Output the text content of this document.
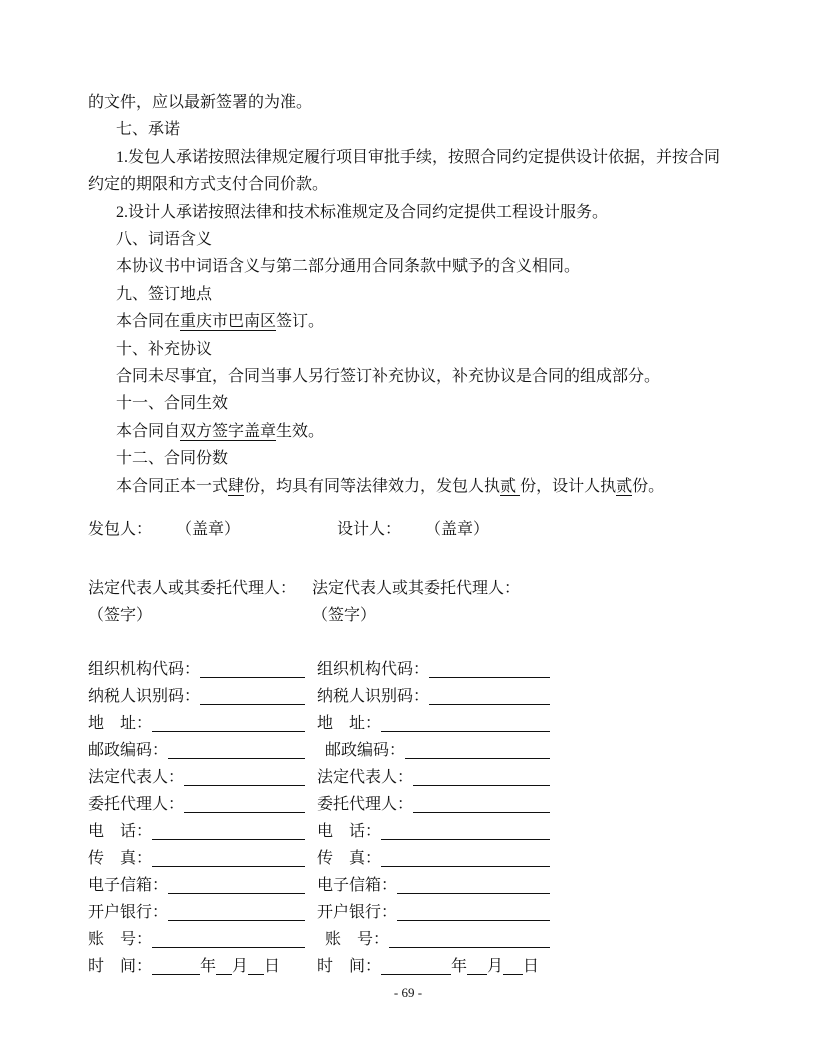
的文件，应以最新签署的为准。
七、承诺
1.发包人承诺按照法律规定履行项目审批手续，按照合同约定提供设计依据，并按合同约定的期限和方式支付合同价款。
2.设计人承诺按照法律和技术标准规定及合同约定提供工程设计服务。
八、词语含义
本协议书中词语含义与第二部分通用合同条款中赋予的含义相同。
九、签订地点
本合同在重庆市巴南区签订。
十、补充协议
合同未尽事宜，合同当事人另行签订补充协议，补充协议是合同的组成部分。
十一、合同生效
本合同自双方签字盖章生效。
十二、合同份数
本合同正本一式肆份，均具有同等法律效力，发包人执贰 份，设计人执贰份。
发包人： （盖章）	设计人： （盖章）
法定代表人或其委托代理人： 法定代表人或其委托代理人：
（签字）	（签字）
组织机构代码：	组织机构代码：
纳税人识别码：	纳税人识别码：
地　址：	地　址：
邮政编码：	邮政编码：
法定代表人：	法定代表人：
委托代理人：	委托代理人：
电　话：	电　话：
传　真：	传　真：
电子信箱：	电子信箱：
开户银行：	开户银行：
账　号：	账　号：
时　间：	年 月 日 时　间：	年 月 日
- 69 -
